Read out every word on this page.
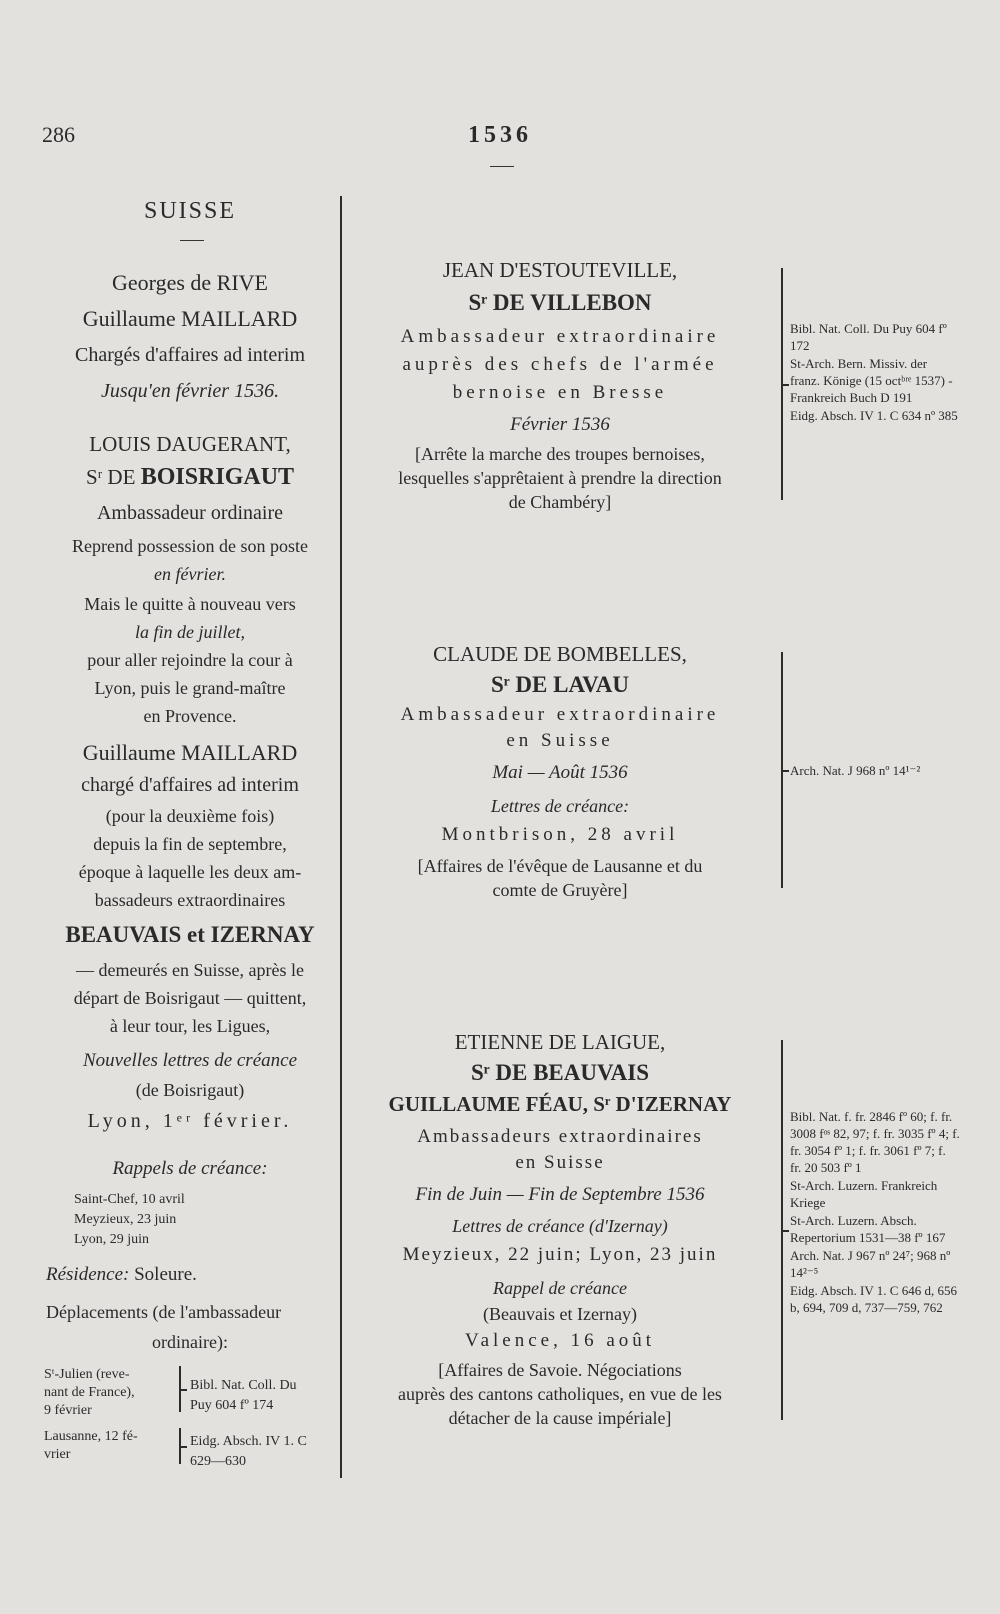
286	1536
SUISSE
Georges de RIVE
Guillaume MAILLARD
Chargés d'affaires ad interim
Jusqu'en février 1536.
LOUIS DAUGERANT,
Sʳ DE BOISRIGAUT
Ambassadeur ordinaire
Reprend possession de son poste
en février.
Mais le quitte à nouveau vers
la fin de juillet,
pour aller rejoindre la cour à
Lyon, puis le grand-maître
en Provence.
Guillaume MAILLARD
chargé d'affaires ad interim
(pour la deuxième fois)
depuis la fin de septembre,
époque à laquelle les deux am-
bassadeurs extraordinaires
BEAUVAIS et IZERNAY
— demeurés en Suisse, après le
départ de Boisrigaut — quittent,
à leur tour, les Ligues,
Nouvelles lettres de créance
(de Boisrigaut)
Lyon, 1ᵉʳ février.
Rappels de créance:
Saint-Chef, 10 avril
Meyzieux, 23 juin
Lyon, 29 juin
Résidence: Soleure.
Déplacements (de l'ambassadeur
ordinaire):
Sᵗ-Julien (reve-
nant de France),
9 février
Bibl. Nat. Coll. Du
Puy 604 fº 174
Lausanne, 12 fé-
vrier
Eidg. Absch. IV 1. C
629—630
JEAN D'ESTOUTEVILLE,
Sʳ DE VILLEBON
Ambassadeur extraordinaire
auprès des chefs de l'armée
bernoise en Bresse
Février 1536
[Arrête la marche des troupes bernoises,
lesquelles s'apprêtaient à prendre la direction
de Chambéry]
Bibl. Nat. Coll. Du Puy 604 fº 172
St-Arch. Bern. Missiv. der franz. Könige (15 octᵇʳᵉ 1537) - Frankreich Buch D 191
Eidg. Absch. IV 1. C 634 nº 385
CLAUDE DE BOMBELLES,
Sʳ DE LAVAU
Ambassadeur extraordinaire
en Suisse
Mai — Août 1536
Lettres de créance:
Montbrison, 28 avril
[Affaires de l'évêque de Lausanne et du
comte de Gruyère]
Arch. Nat. J 968 nº 14¹⁻²
ETIENNE DE LAIGUE,
Sʳ DE BEAUVAIS
GUILLAUME FÉAU, Sʳ D'IZERNAY
Ambassadeurs extraordinaires
en Suisse
Fin de Juin — Fin de Septembre 1536
Lettres de créance (d'Izernay)
Meyzieux, 22 juin; Lyon, 23 juin
Rappel de créance
(Beauvais et Izernay)
Valence, 16 août
[Affaires de Savoie. Négociations
auprès des cantons catholiques, en vue de les
détacher de la cause impériale]
Bibl. Nat. f. fr. 2846 fº 60; f. fr. 3008 fᵒˢ 82, 97; f. fr. 3035 fº 4; f. fr. 3054 fº 1; f. fr. 3061 fº 7; f. fr. 20 503 fº 1
St-Arch. Luzern. Frankreich Kriege
St-Arch. Luzern. Absch. Repertorium 1531—38 fº 167
Arch. Nat. J 967 nº 24⁷; 968 nº 14²⁻⁵
Eidg. Absch. IV 1. C 646 d, 656 b, 694, 709 d, 737—759, 762
